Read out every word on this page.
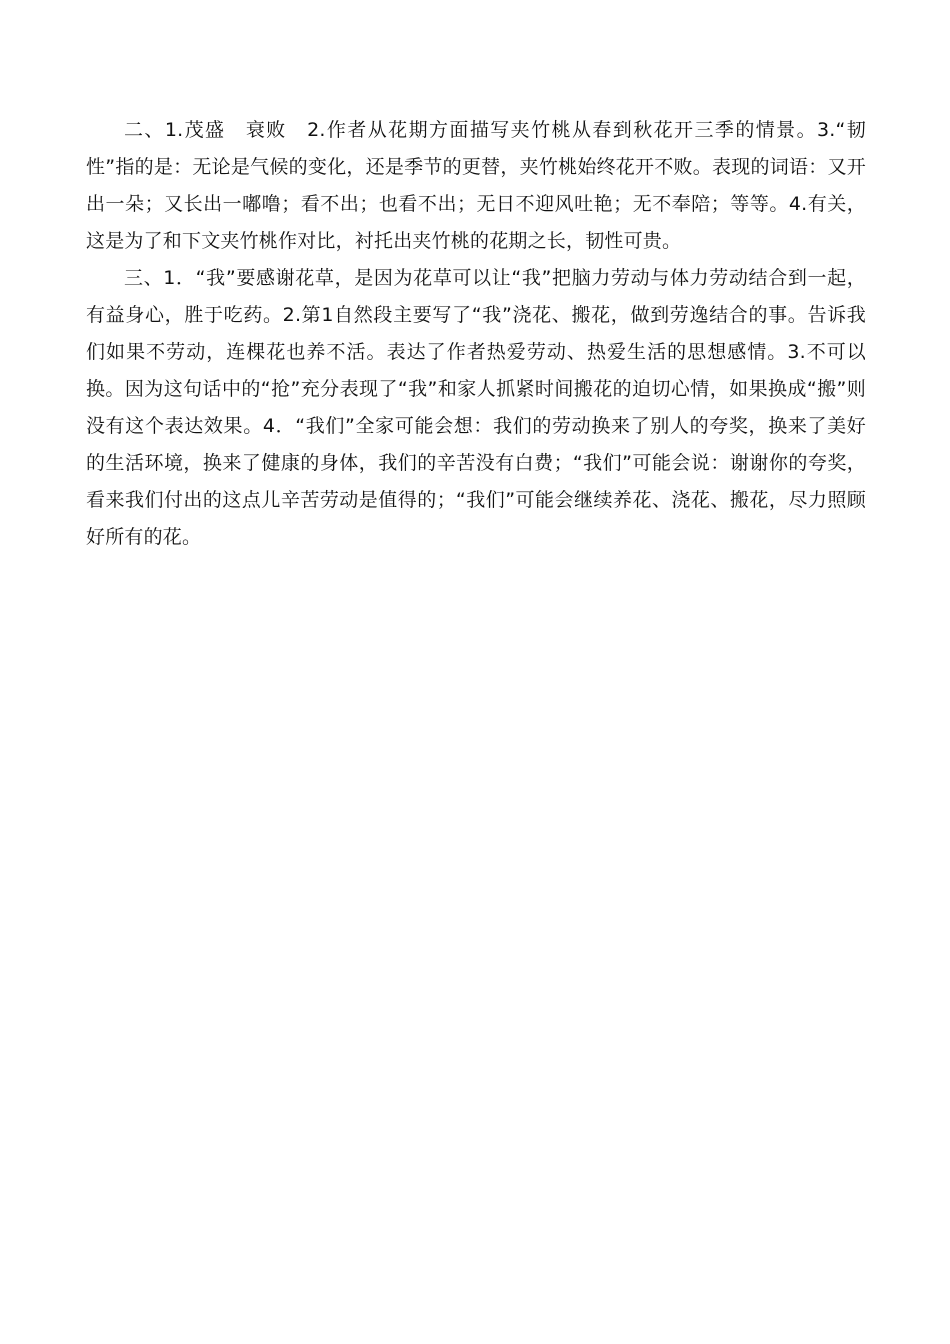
二、1.茂盛　衰败　2.作者从花期方面描写夹竹桃从春到秋花开三季的情景。3.“韧性”指的是：无论是气候的变化，还是季节的更替，夹竹桃始终花开不败。表现的词语：又开出一朵；又长出一嘟噜；看不出；也看不出；无日不迎风吐艳；无不奉陪；等等。4.有关，这是为了和下文夹竹桃作对比，衬托出夹竹桃的花期之长，韧性可贵。

三、1．“我”要感谢花草，是因为花草可以让“我”把脑力劳动与体力劳动结合到一起，有益身心，胜于吃药。2.第1自然段主要写了“我”浇花、搬花，做到劳逸结合的事。告诉我们如果不劳动，连棵花也养不活。表达了作者热爱劳动、热爱生活的思想感情。3.不可以换。因为这句话中的“抢”充分表现了“我”和家人抓紧时间搬花的迫切心情，如果换成“搬”则没有这个表达效果。4．“我们”全家可能会想：我们的劳动换来了别人的夸奖，换来了美好的生活环境，换来了健康的身体，我们的辛苦没有白费；“我们”可能会说：谢谢你的夸奖，看来我们付出的这点儿辛苦劳动是值得的；“我们”可能会继续养花、浇花、搬花，尽力照顾好所有的花。
